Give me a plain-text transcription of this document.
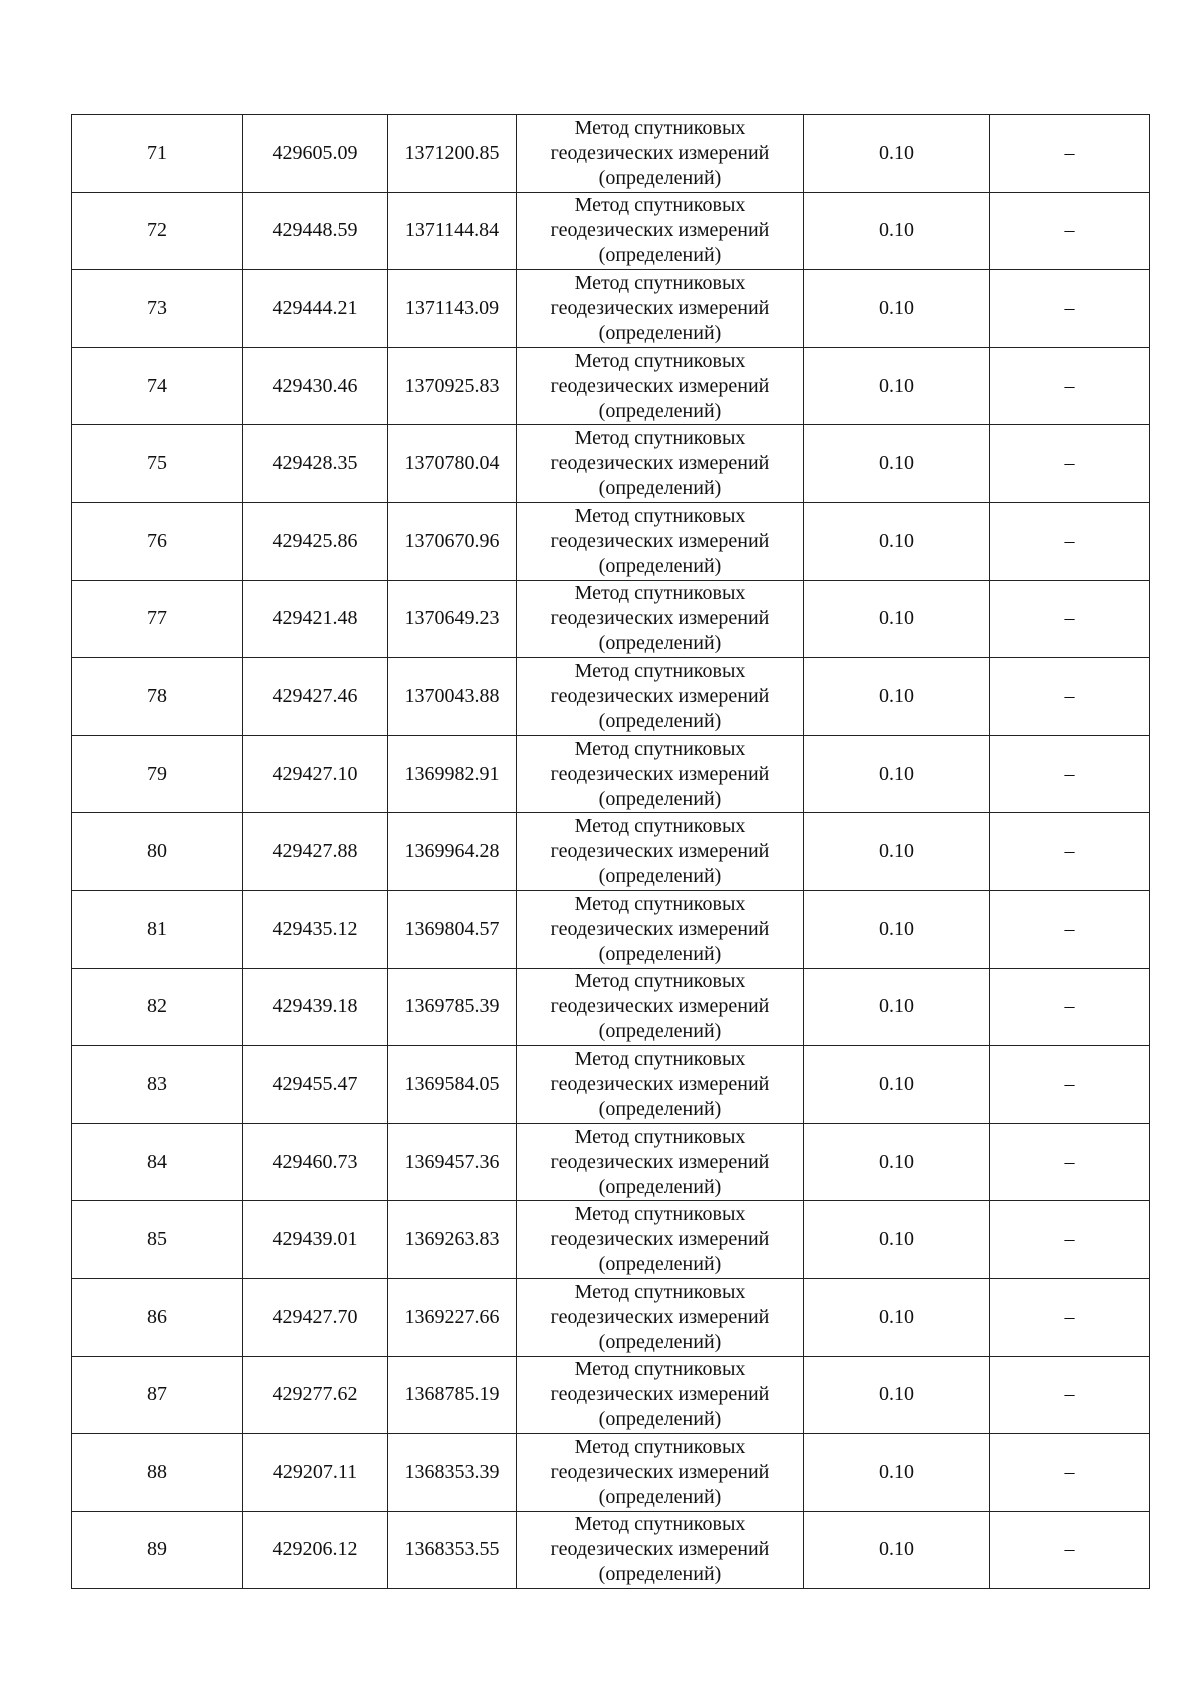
71	429605.09	1371200.85	Метод спутниковых
геодезических измерений
(определений)	0.10	–
72	429448.59	1371144.84	Метод спутниковых
геодезических измерений
(определений)	0.10	–
73	429444.21	1371143.09	Метод спутниковых
геодезических измерений
(определений)	0.10	–
74	429430.46	1370925.83	Метод спутниковых
геодезических измерений
(определений)	0.10	–
75	429428.35	1370780.04	Метод спутниковых
геодезических измерений
(определений)	0.10	–
76	429425.86	1370670.96	Метод спутниковых
геодезических измерений
(определений)	0.10	–
77	429421.48	1370649.23	Метод спутниковых
геодезических измерений
(определений)	0.10	–
78	429427.46	1370043.88	Метод спутниковых
геодезических измерений
(определений)	0.10	–
79	429427.10	1369982.91	Метод спутниковых
геодезических измерений
(определений)	0.10	–
80	429427.88	1369964.28	Метод спутниковых
геодезических измерений
(определений)	0.10	–
81	429435.12	1369804.57	Метод спутниковых
геодезических измерений
(определений)	0.10	–
82	429439.18	1369785.39	Метод спутниковых
геодезических измерений
(определений)	0.10	–
83	429455.47	1369584.05	Метод спутниковых
геодезических измерений
(определений)	0.10	–
84	429460.73	1369457.36	Метод спутниковых
геодезических измерений
(определений)	0.10	–
85	429439.01	1369263.83	Метод спутниковых
геодезических измерений
(определений)	0.10	–
86	429427.70	1369227.66	Метод спутниковых
геодезических измерений
(определений)	0.10	–
87	429277.62	1368785.19	Метод спутниковых
геодезических измерений
(определений)	0.10	–
88	429207.11	1368353.39	Метод спутниковых
геодезических измерений
(определений)	0.10	–
89	429206.12	1368353.55	Метод спутниковых
геодезических измерений
(определений)	0.10	–
